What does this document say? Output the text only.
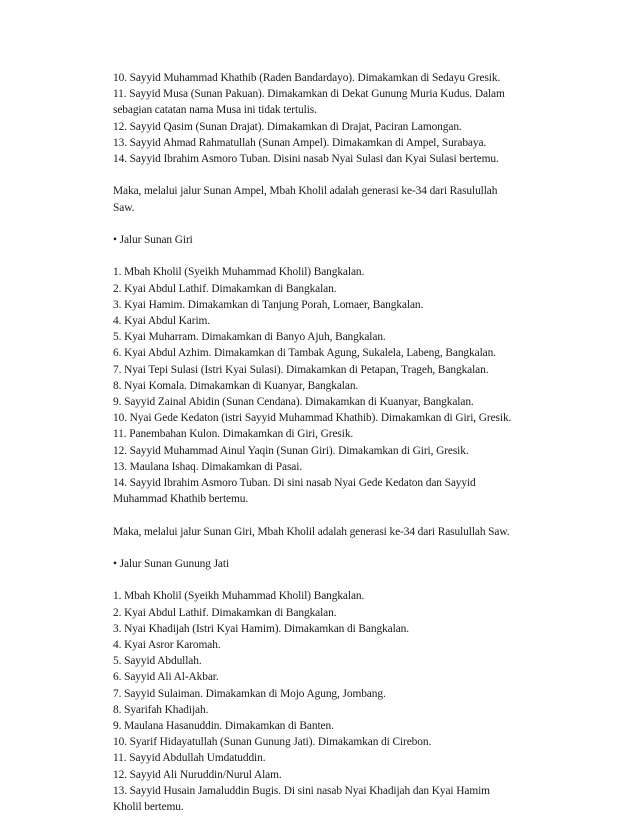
10. Sayyid Muhammad Khathib (Raden Bandardayo). Dimakamkan di Sedayu Gresik.
11. Sayyid Musa (Sunan Pakuan). Dimakamkan di Dekat Gunung Muria Kudus. Dalam
sebagian catatan nama Musa ini tidak tertulis.
12. Sayyid Qasim (Sunan Drajat). Dimakamkan di Drajat, Paciran Lamongan.
13. Sayyid Ahmad Rahmatullah (Sunan Ampel). Dimakamkan di Ampel, Surabaya.
14. Sayyid Ibrahim Asmoro Tuban. Disini nasab Nyai Sulasi dan Kyai Sulasi bertemu.
Maka, melalui jalur Sunan Ampel, Mbah Kholil adalah generasi ke-34 dari Rasulullah
Saw.
• Jalur Sunan Giri
1. Mbah Kholil (Syeikh Muhammad Kholil) Bangkalan.
2. Kyai Abdul Lathif. Dimakamkan di Bangkalan.
3. Kyai Hamim. Dimakamkan di Tanjung Porah, Lomaer, Bangkalan.
4. Kyai Abdul Karim.
5. Kyai Muharram. Dimakamkan di Banyo Ajuh, Bangkalan.
6. Kyai Abdul Azhim. Dimakamkan di Tambak Agung, Sukalela, Labeng, Bangkalan.
7. Nyai Tepi Sulasi (Istri Kyai Sulasi). Dimakamkan di Petapan, Trageh, Bangkalan.
8. Nyai Komala. Dimakamkan di Kuanyar, Bangkalan.
9. Sayyid Zainal Abidin (Sunan Cendana). Dimakamkan di Kuanyar, Bangkalan.
10. Nyai Gede Kedaton (istri Sayyid Muhammad Khathib). Dimakamkan di Giri, Gresik.
11. Panembahan Kulon. Dimakamkan di Giri, Gresik.
12. Sayyid Muhammad Ainul Yaqin (Sunan Giri). Dimakamkan di Giri, Gresik.
13. Maulana Ishaq. Dimakamkan di Pasai.
14. Sayyid Ibrahim Asmoro Tuban. Di sini nasab Nyai Gede Kedaton dan Sayyid
Muhammad Khathib bertemu.
Maka, melalui jalur Sunan Giri, Mbah Kholil adalah generasi ke-34 dari Rasulullah Saw.
• Jalur Sunan Gunung Jati
1. Mbah Kholil (Syeikh Muhammad Kholil) Bangkalan.
2. Kyai Abdul Lathif. Dimakamkan di Bangkalan.
3. Nyai Khadijah (Istri Kyai Hamim). Dimakamkan di Bangkalan.
4. Kyai Asror Karomah.
5. Sayyid Abdullah.
6. Sayyid Ali Al-Akbar.
7. Sayyid Sulaiman. Dimakamkan di Mojo Agung, Jombang.
8. Syarifah Khadijah.
9. Maulana Hasanuddin. Dimakamkan di Banten.
10. Syarif Hidayatullah (Sunan Gunung Jati). Dimakamkan di Cirebon.
11. Sayyid Abdullah Umdatuddin.
12. Sayyid Ali Nuruddin/Nurul Alam.
13. Sayyid Husain Jamaluddin Bugis. Di sini nasab Nyai Khadijah dan Kyai Hamim
Kholil bertemu.
